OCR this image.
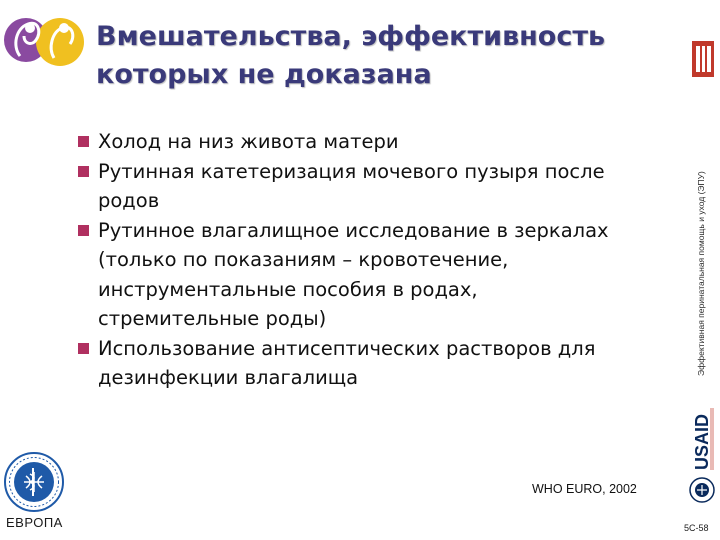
Вмешательства, эффективность
которых не доказана
Холод на низ живота матери
Рутинная катетеризация мочевого пузыря после
родов
Рутинное влагалищное исследование в зеркалах
(только по показаниям – кровотечение,
инструментальные пособия в родах,
стремительные роды)
Использование антисептических растворов для
дезинфекции влагалища
WHO EURO, 2002
ЕВРОПА
Эффективная перинатальная помощь и уход (ЭПУ)
USAID
5C-58
